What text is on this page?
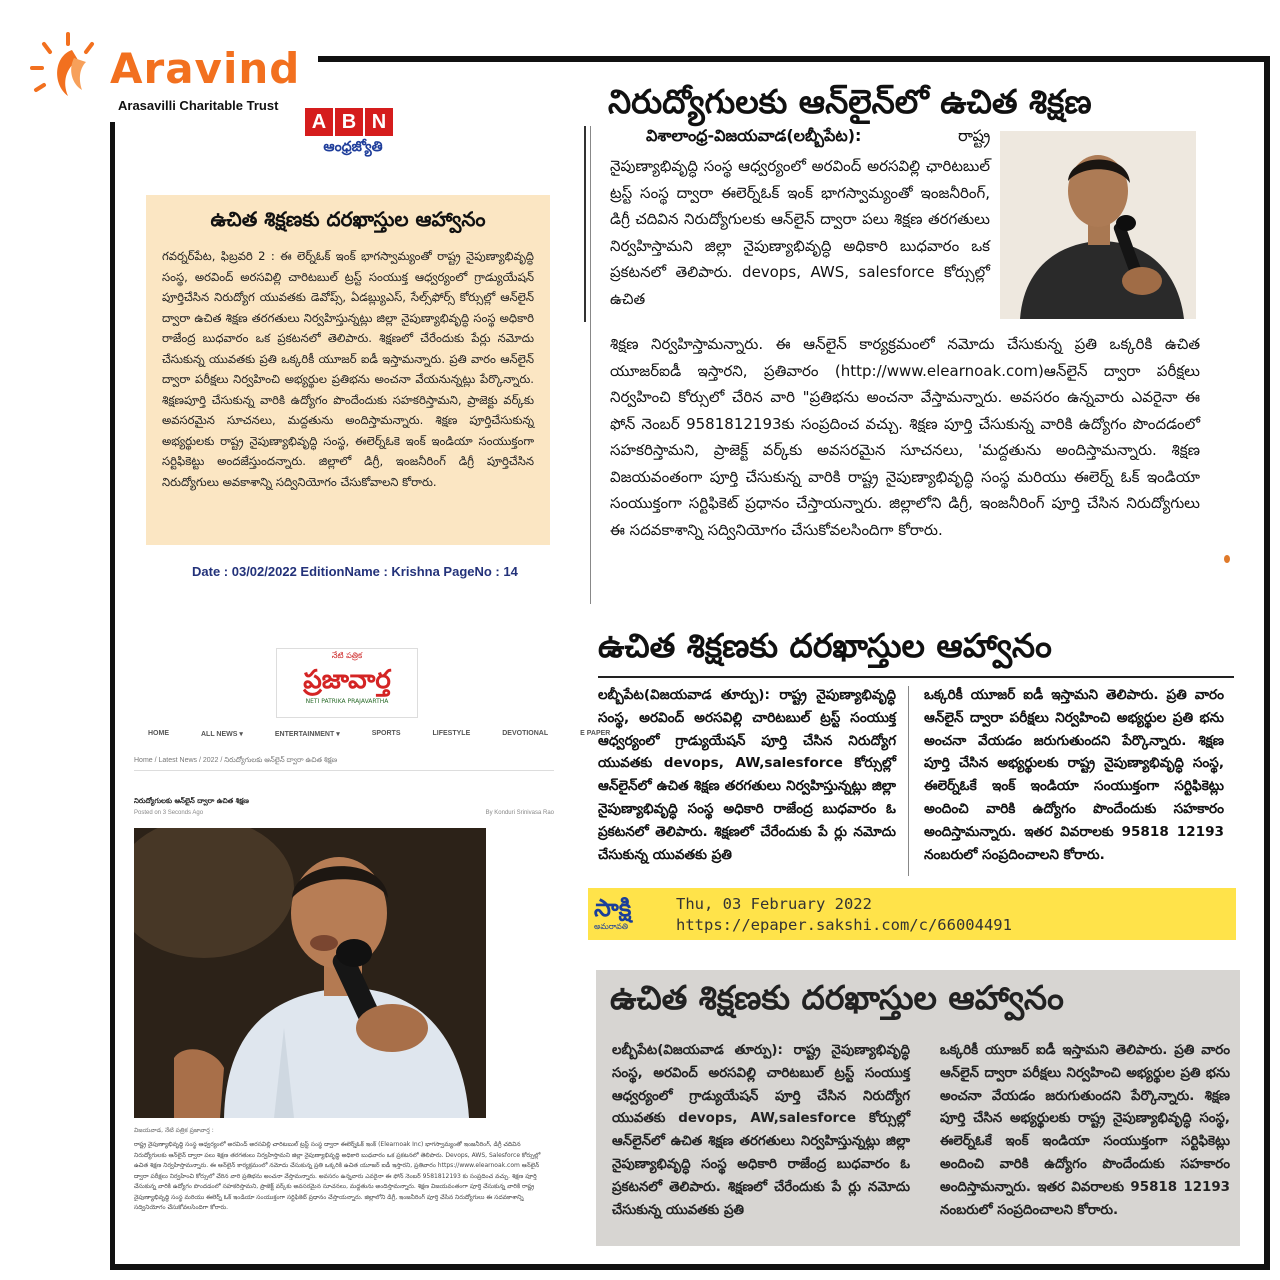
Aravind
Arasavilli Charitable Trust
A B N
ఆంధ్రజ్యోతి
ఉచిత శిక్షణకు దరఖాస్తుల ఆహ్వానం

గవర్నర్‌పేట, ఫిబ్రవరి 2 : ఈ లెర్న్‌ఓక్ ఇంక్ భాగస్వామ్యంతో రాష్ట్ర నైపుణ్యాభివృద్ధి సంస్థ, అరవింద్ అరసవిల్లి చారిటబుల్ ట్రస్ట్ సంయుక్త ఆధ్వర్యంలో గ్రాడ్యుయేషన్ పూర్తిచేసిన నిరుద్యోగ యువతకు డెవోప్స్, ఏడబ్ల్యుఎస్, సేల్స్‌ఫోర్స్ కోర్సుల్లో ఆన్‌లైన్ ద్వారా ఉచిత శిక్షణ తరగతులు నిర్వహిస్తున్నట్లు జిల్లా నైపుణ్యాభివృద్ధి సంస్థ అధికారి రాజేంద్ర బుధవారం ఒక ప్రకటనలో తెలిపారు. శిక్షణలో చేరేందుకు పేర్లు నమోదు చేసుకున్న యువతకు ప్రతి ఒక్కరికీ యూజర్ ఐడీ ఇస్తామన్నారు. ప్రతి వారం ఆన్‌లైన్ ద్వారా పరీక్షలు నిర్వహించి అభ్యర్థుల ప్రతిభను అంచనా వేయనున్నట్లు పేర్కొన్నారు. శిక్షణపూర్తి చేసుకున్న వారికి ఉద్యోగం పొందేందుకు సహకరిస్తామని, ప్రాజెక్టు వర్క్‌కు అవసరమైన సూచనలు, మద్దతును అందిస్తామన్నారు. శిక్షణ పూర్తిచేసుకున్న అభ్యర్థులకు రాష్ట్ర నైపుణ్యాభివృద్ధి సంస్థ, ఈలెర్న్‌ఓకె ఇంక్ ఇండియా సంయుక్తంగా సర్టిఫికెట్టు అందజేస్తుందన్నారు. జిల్లాలో డిగ్రీ, ఇంజనీరింగ్ డిగ్రీ పూర్తిచేసిన నిరుద్యోగులు అవకాశాన్ని సద్వినియోగం చేసుకోవాలని కోరారు.

Date : 03/02/2022 EditionName : Krishna PageNo : 14
నేటి పత్రిక
ప్రజావార్త
NETI PATRIKA PRAJAVARTHA
HOME	ALL NEWS ▾	ENTERTAINMENT ▾	SPORTS	LIFESTYLE	DEVOTIONAL	E PAPER
Home / Latest News / 2022 / నిరుద్యోగులకు ఆన్‌లైన్ ద్వారా ఉచిత శిక్షణ
నిరుద్యోగులకు ఆన్‌లైన్ ద్వారా ఉచిత శిక్షణ
Posted on 3 Seconds Ago	By Konduri Srinivasa Rao
విజయవాడ, నేటి పత్రిక ప్రజావార్త :
రాష్ట్ర నైపుణ్యాభివృద్ధి సంస్థ ఆధ్వర్యంలో అరవింద్ అరసవిల్లి చారిటబుల్ ట్రస్ట్ సంస్థ ద్వారా ఈలెర్న్‌ఓక్ ఇంక్ (Elearnoak Inc) భాగస్వామ్యంతో ఇంజనీరింగ్, డిగ్రీ చదివిన నిరుద్యోగులకు ఆన్‌లైన్ ద్వారా పలు శిక్షణ తరగతులు నిర్వహిస్తామని జిల్లా నైపుణ్యాభివృద్ధి అధికారి బుధవారం ఒక ప్రకటనలో తెలిపారు. Devops, AWS, Salesforce కోర్సుల్లో ఉచిత శిక్షణ నిర్వహిస్తామన్నారు. ఈ ఆన్‌లైన్ కార్యక్రమంలో నమోదు చేసుకున్న ప్రతి ఒక్కరికి ఉచిత యూజర్ ఐడీ ఇస్తారని, ప్రతివారం https://www.elearnoak.com ఆన్‌లైన్ ద్వారా పరీక్షలు నిర్వహించి కోర్సులో చేరిన వారి ప్రతిభను అంచనా వేస్తామన్నారు. అవసరం ఉన్నవారు ఎవరైనా ఈ ఫోన్ నెంబర్ 9581812193 కు సంప్రదించ వచ్చు. శిక్షణ పూర్తి చేసుకున్న వారికి ఉద్యోగం పొందడంలో సహకరిస్తామని, ప్రాజెక్ట్ వర్క్‌కు అవసరమైన సూచనలు, మద్దతును అందిస్తామన్నారు. శిక్షణ విజయవంతంగా పూర్తి చేసుకున్న వారికి రాష్ట్ర నైపుణ్యాభివృద్ధి సంస్థ మరియు ఈలెర్న్ ఓక్ ఇండియా సంయుక్తంగా సర్టిఫికెట్ ప్రధానం చేస్తాయన్నారు. జిల్లాలోని డిగ్రీ, ఇంజనీరింగ్ పూర్తి చేసిన నిరుద్యోగులు ఈ సదవకాశాన్ని సద్వినియోగం చేసుకోవలసిందిగా కోరారు.
నిరుద్యోగులకు ఆన్‌లైన్‌లో ఉచిత శిక్షణ
విశాలాంధ్ర-విజయవాడ(లబ్బీపేట):	రాష్ట్ర
నైపుణ్యాభివృద్ధి సంస్థ ఆధ్వర్యంలో అరవింద్ అరసవిల్లి ఛారిటబుల్ ట్రస్ట్ సంస్థ ద్వారా ఈలెర్న్‌ఓక్ ఇంక్ భాగస్వామ్యంతో ఇంజనీరింగ్, డిగ్రీ చదివిన నిరుద్యోగులకు ఆన్‌లైన్ ద్వారా పలు శిక్షణ తరగతులు నిర్వహిస్తామని జిల్లా నైపుణ్యాభివృద్ధి అధికారి బుధవారం ఒక ప్రకటనలో తెలిపారు. devops, AWS, salesforce కోర్సుల్లో ఉచిత
శిక్షణ నిర్వహిస్తామన్నారు. ఈ ఆన్‌లైన్ కార్యక్రమంలో నమోదు చేసుకున్న ప్రతి ఒక్కరికి ఉచిత యూజర్‌ఐడీ ఇస్తారని, ప్రతివారం (http://www.elearnoak.com)ఆన్‌లైన్ ద్వారా పరీక్షలు నిర్వహించి కోర్సులో చేరిన వారి "ప్రతిభను అంచనా వేస్తామన్నారు. అవసరం ఉన్నవారు ఎవరైనా ఈ ఫోన్ నెంబర్ 9581812193కు సంప్రదించ వచ్చు. శిక్షణ పూర్తి చేసుకున్న వారికి ఉద్యోగం పొందడంలో సహకరిస్తామని, ప్రాజెక్ట్ వర్క్‌కు అవసరమైన సూచనలు, 'మద్దతును అందిస్తామన్నారు. శిక్షణ విజయవంతంగా పూర్తి చేసుకున్న వారికి రాష్ట్ర నైపుణ్యాభివృద్ధి సంస్థ మరియు ఈలెర్న్ ఓక్ ఇండియా సంయుక్తంగా సర్టిఫికెట్ ప్రధానం చేస్తాయన్నారు. జిల్లాలోని డిగ్రీ, ఇంజనీరింగ్ పూర్తి చేసిన నిరుద్యోగులు ఈ సదవకాశాన్ని సద్వినియోగం చేసుకోవలసిందిగా కోరారు.
ఉచిత శిక్షణకు దరఖాస్తుల ఆహ్వానం
లబ్బీపేట(విజయవాడ తూర్పు): రాష్ట్ర నైపుణ్యాభివృద్ధి సంస్థ, అరవింద్ అరసవిల్లి చారిటబుల్ ట్రస్ట్ సంయుక్త ఆధ్వర్యంలో గ్రాడ్యుయేషన్ పూర్తి చేసిన నిరుద్యోగ యువతకు devops, AW,salesforce కోర్సుల్లో ఆన్‌లైన్‌లో ఉచిత శిక్షణ తరగతులు నిర్వహిస్తున్నట్లు జిల్లా నైపుణ్యాభివృద్ధి సంస్థ అధికారి రాజేంద్ర బుధవారం ఓ ప్రకటనలో తెలిపారు. శిక్షణలో చేరేందుకు పే ర్లు నమోదు చేసుకున్న యువతకు ప్రతి
ఒక్కరికీ యూజర్ ఐడీ ఇస్తామని తెలిపారు. ప్రతి వారం ఆన్‌లైన్ ద్వారా పరీక్షలు నిర్వహించి అభ్యర్థుల ప్రతి భను అంచనా వేయడం జరుగుతుందని పేర్కొన్నారు. శిక్షణ పూర్తి చేసిన అభ్యర్థులకు రాష్ట్ర నైపుణ్యాభివృద్ధి సంస్థ, ఈలెర్న్‌ఓకే ఇంక్ ఇండియా సంయుక్తంగా సర్టిఫికెట్లు అందించి వారికి ఉద్యోగం పొందేందుకు సహకారం అందిస్తామన్నారు. ఇతర వివరాలకు 95818 12193 నంబరులో సంప్రదించాలని కోరారు.
సాక్షి
అమరావతి
Thu, 03 February 2022
https://epaper.sakshi.com/c/66004491
ఉచిత శిక్షణకు దరఖాస్తుల ఆహ్వానం
లబ్బీపేట(విజయవాడ తూర్పు): రాష్ట్ర నైపుణ్యాభివృద్ధి సంస్థ, అరవింద్ అరసవిల్లి చారిటబుల్ ట్రస్ట్ సంయుక్త ఆధ్వర్యంలో గ్రాడ్యుయేషన్ పూర్తి చేసిన నిరుద్యోగ యువతకు devops, AW,salesforce కోర్సుల్లో ఆన్‌లైన్‌లో ఉచిత శిక్షణ తరగతులు నిర్వహిస్తున్నట్లు జిల్లా నైపుణ్యాభివృద్ధి సంస్థ అధికారి రాజేంద్ర బుధవారం ఓ ప్రకటనలో తెలిపారు. శిక్షణలో చేరేందుకు పే ర్లు నమోదు చేసుకున్న యువతకు ప్రతి
ఒక్కరికీ యూజర్ ఐడీ ఇస్తామని తెలిపారు. ప్రతి వారం ఆన్‌లైన్ ద్వారా పరీక్షలు నిర్వహించి అభ్యర్థుల ప్రతి భను అంచనా వేయడం జరుగుతుందని పేర్కొన్నారు. శిక్షణ పూర్తి చేసిన అభ్యర్థులకు రాష్ట్ర నైపుణ్యాభివృద్ధి సంస్థ, ఈలెర్న్‌ఓకే ఇంక్ ఇండియా సంయుక్తంగా సర్టిఫికెట్లు అందించి వారికి ఉద్యోగం పొందేందుకు సహకారం అందిస్తామన్నారు. ఇతర వివరాలకు 95818 12193 నంబరులో సంప్రదించాలని కోరారు.
